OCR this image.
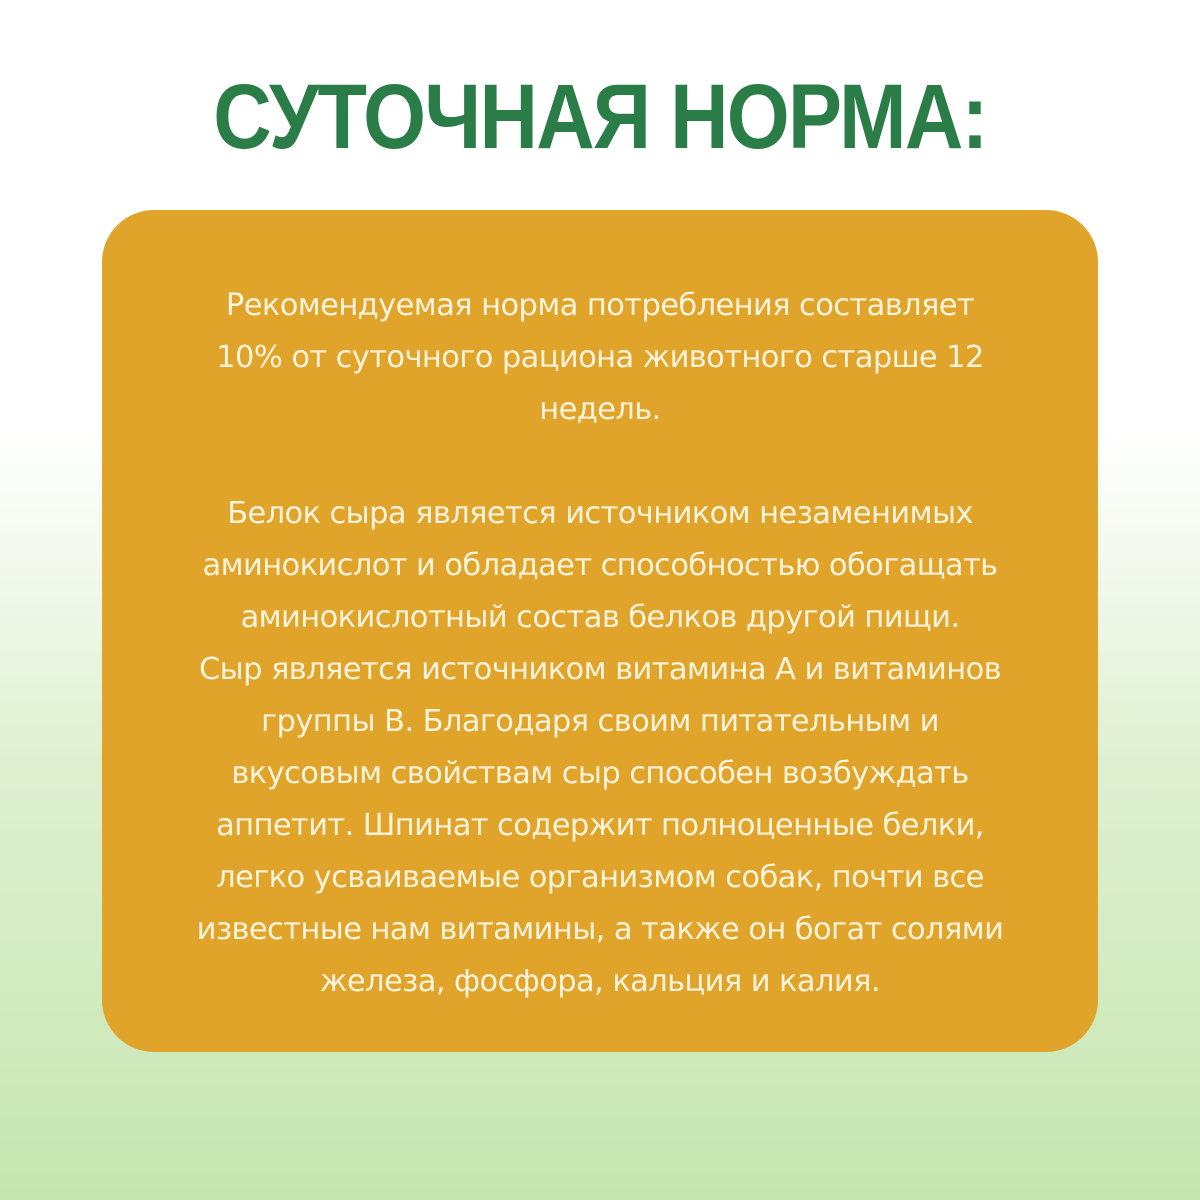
СУТОЧНАЯ НОРМА:

Рекомендуемая норма потребления составляет
10% от суточного рациона животного старше 12
недель.

Белок сыра является источником незаменимых
аминокислот и обладает способностью обогащать
аминокислотный состав белков другой пищи.
Сыр является источником витамина А и витаминов
группы В. Благодаря своим питательным и
вкусовым свойствам сыр способен возбуждать
аппетит. Шпинат содержит полноценные белки,
легко усваиваемые организмом собак, почти все
известные нам витамины, а также он богат солями
железа, фосфора, кальция и калия.
